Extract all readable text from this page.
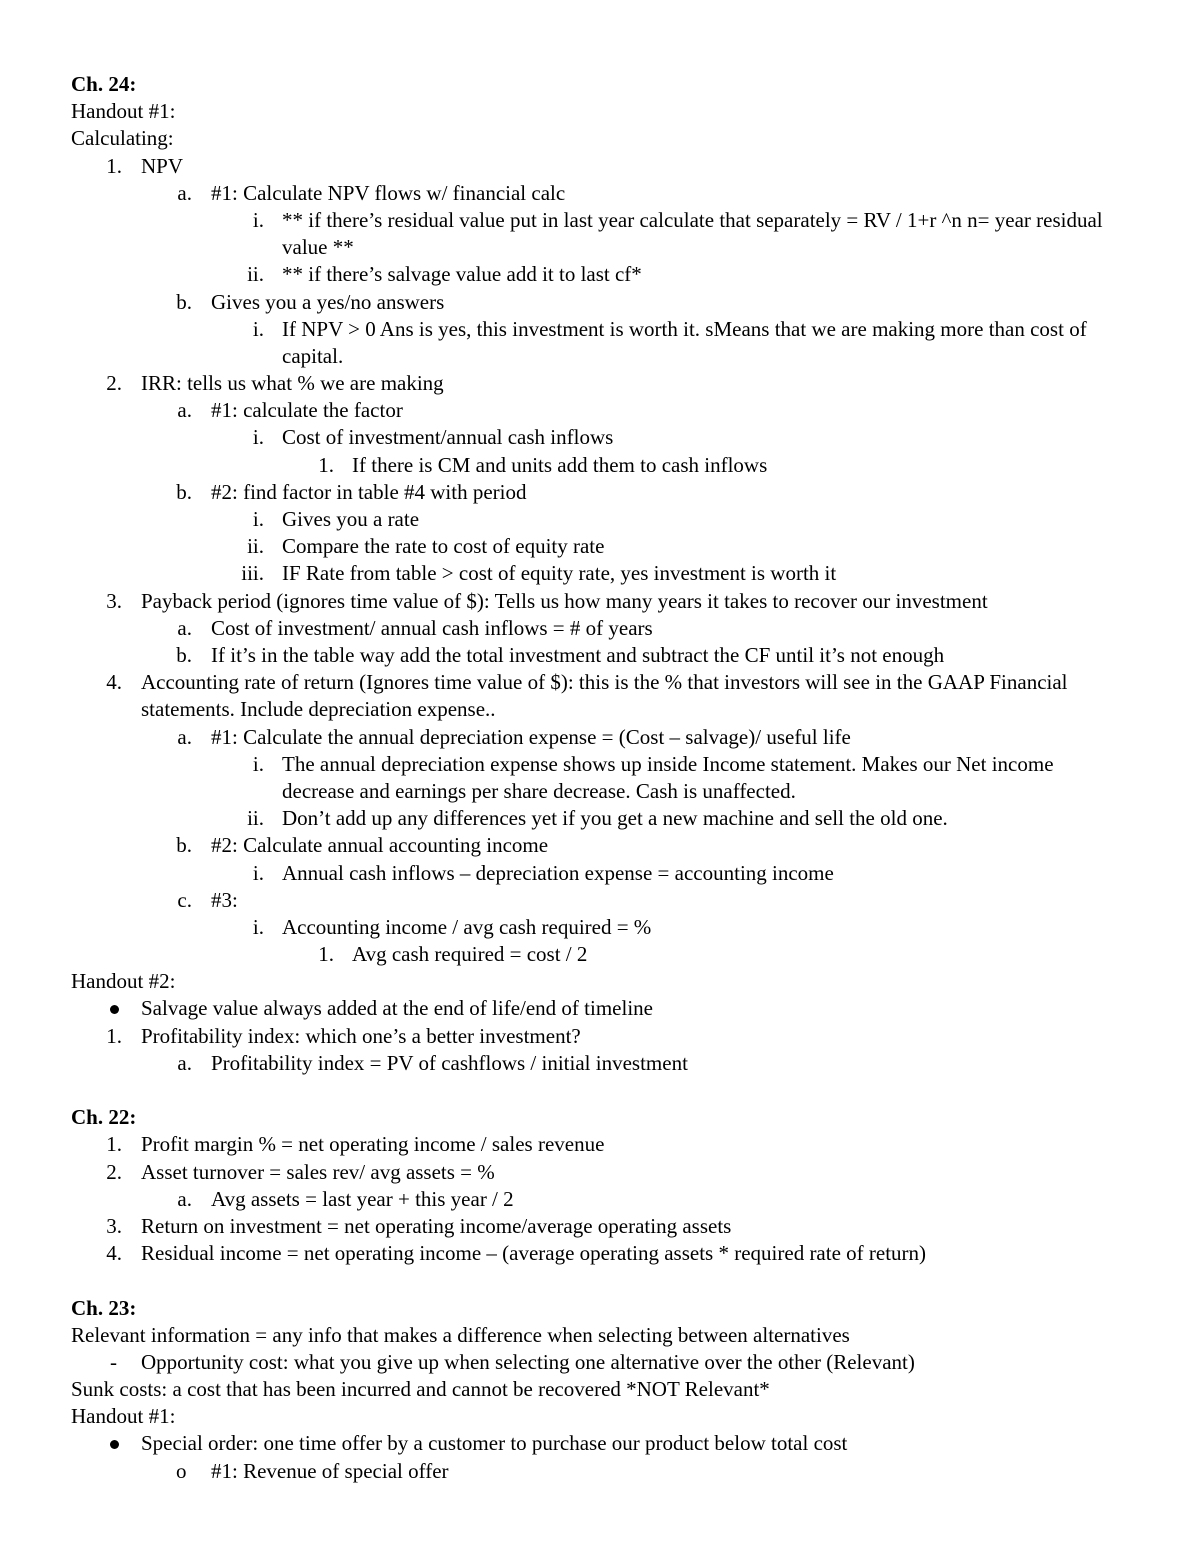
Ch. 24:
Handout #1:
Calculating:
1. NPV
a. #1: Calculate NPV flows w/ financial calc
i. ** if there’s residual value put in last year calculate that separately = RV / 1+r ^n n= year residual value **
ii. ** if there’s salvage value add it to last cf*
b. Gives you a yes/no answers
i. If NPV > 0 Ans is yes, this investment is worth it. sMeans that we are making more than cost of capital.
2. IRR: tells us what % we are making
a. #1: calculate the factor
i. Cost of investment/annual cash inflows
1. If there is CM and units add them to cash inflows
b. #2: find factor in table #4 with period
i. Gives you a rate
ii. Compare the rate to cost of equity rate
iii. IF Rate from table > cost of equity rate, yes investment is worth it
3. Payback period (ignores time value of $): Tells us how many years it takes to recover our investment
a. Cost of investment/ annual cash inflows = # of years
b. If it’s in the table way add the total investment and subtract the CF until it’s not enough
4. Accounting rate of return (Ignores time value of $): this is the % that investors will see in the GAAP Financial statements. Include depreciation expense..
a. #1: Calculate the annual depreciation expense = (Cost – salvage)/ useful life
i. The annual depreciation expense shows up inside Income statement. Makes our Net income decrease and earnings per share decrease. Cash is unaffected.
ii. Don’t add up any differences yet if you get a new machine and sell the old one.
b. #2: Calculate annual accounting income
i. Annual cash inflows – depreciation expense = accounting income
c. #3:
i. Accounting income / avg cash required = %
1. Avg cash required = cost / 2
Handout #2:
Salvage value always added at the end of life/end of timeline
1. Profitability index: which one’s a better investment?
a. Profitability index = PV of cashflows / initial investment
Ch. 22:
1. Profit margin % = net operating income / sales revenue
2. Asset turnover = sales rev/ avg assets = %
a. Avg assets = last year + this year / 2
3. Return on investment = net operating income/average operating assets
4. Residual income = net operating income – (average operating assets * required rate of return)
Ch. 23:
Relevant information = any info that makes a difference when selecting between alternatives
- Opportunity cost: what you give up when selecting one alternative over the other (Relevant)
Sunk costs: a cost that has been incurred and cannot be recovered *NOT Relevant*
Handout #1:
Special order: one time offer by a customer to purchase our product below total cost
o #1: Revenue of special offer
